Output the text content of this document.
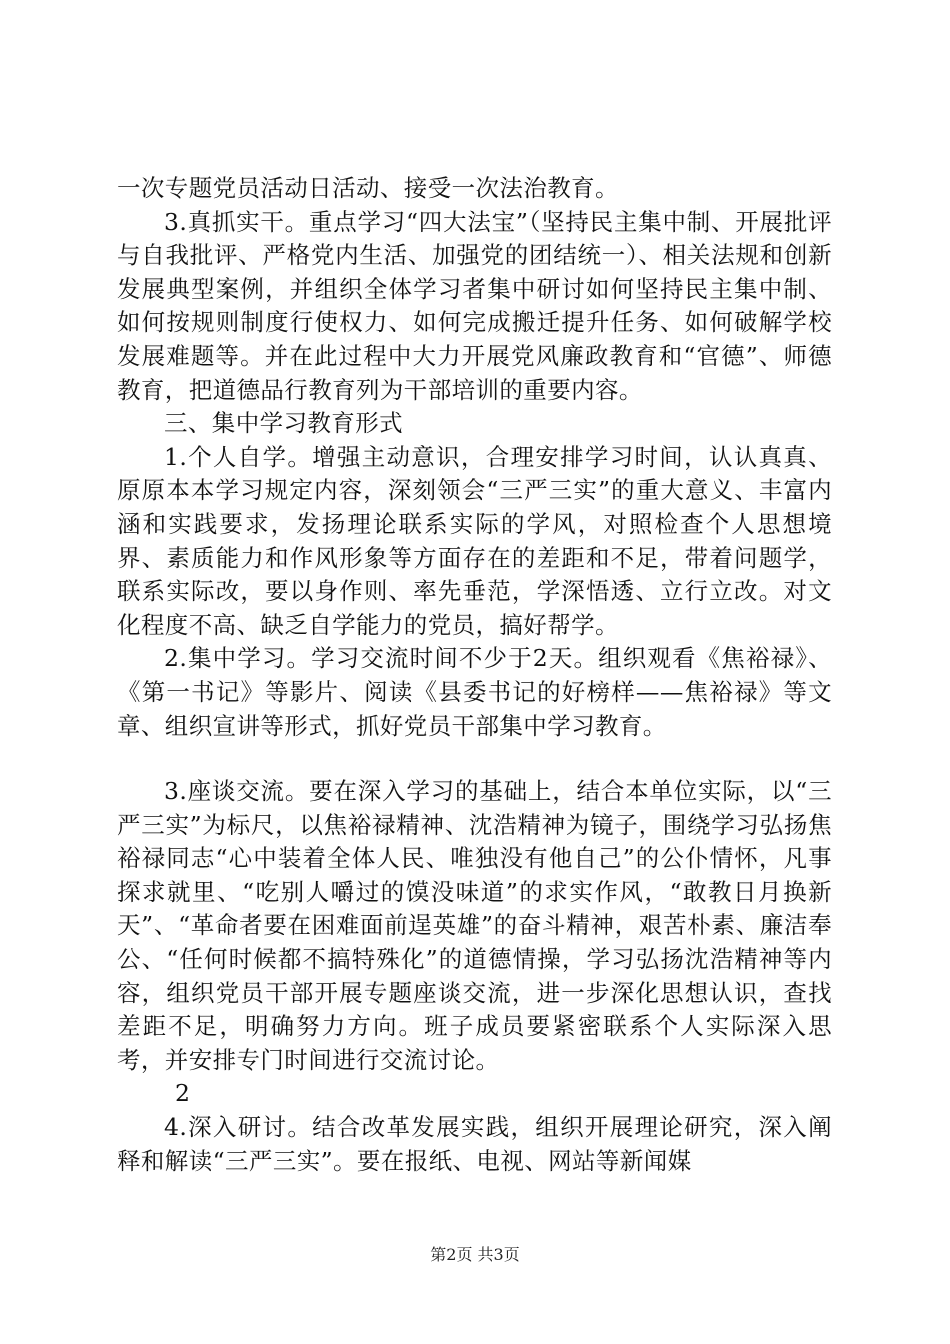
一次专题党员活动日活动、接受一次法治教育。

3.真抓实干。重点学习“四大法宝”（坚持民主集中制、开展批评与自我批评、严格党内生活、加强党的团结统一）、相关法规和创新发展典型案例，并组织全体学习者集中研讨如何坚持民主集中制、如何按规则制度行使权力、如何完成搬迁提升任务、如何破解学校发展难题等。并在此过程中大力开展党风廉政教育和“官德”、师德教育，把道德品行教育列为干部培训的重要内容。

三、集中学习教育形式

1.个人自学。增强主动意识，合理安排学习时间，认认真真、原原本本学习规定内容，深刻领会“三严三实”的重大意义、丰富内涵和实践要求，发扬理论联系实际的学风，对照检查个人思想境界、素质能力和作风形象等方面存在的差距和不足，带着问题学，联系实际改，要以身作则、率先垂范，学深悟透、立行立改。对文化程度不高、缺乏自学能力的党员，搞好帮学。

2.集中学习。学习交流时间不少于2天。组织观看《焦裕禄》、《第一书记》等影片、阅读《县委书记的好榜样——焦裕禄》等文章、组织宣讲等形式，抓好党员干部集中学习教育。

3.座谈交流。要在深入学习的基础上，结合本单位实际，以“三严三实”为标尺，以焦裕禄精神、沈浩精神为镜子，围绕学习弘扬焦裕禄同志“心中装着全体人民、唯独没有他自己”的公仆情怀，凡事探求就里、“吃别人嚼过的馍没味道”的求实作风，“敢教日月换新天”、“革命者要在困难面前逞英雄”的奋斗精神，艰苦朴素、廉洁奉公、“任何时候都不搞特殊化”的道德情操，学习弘扬沈浩精神等内容，组织党员干部开展专题座谈交流，进一步深化思想认识，查找差距不足，明确努力方向。班子成员要紧密联系个人实际深入思考，并安排专门时间进行交流讨论。

2

4.深入研讨。结合改革发展实践，组织开展理论研究，深入阐释和解读“三严三实”。要在报纸、电视、网站等新闻媒

第2页 共3页
